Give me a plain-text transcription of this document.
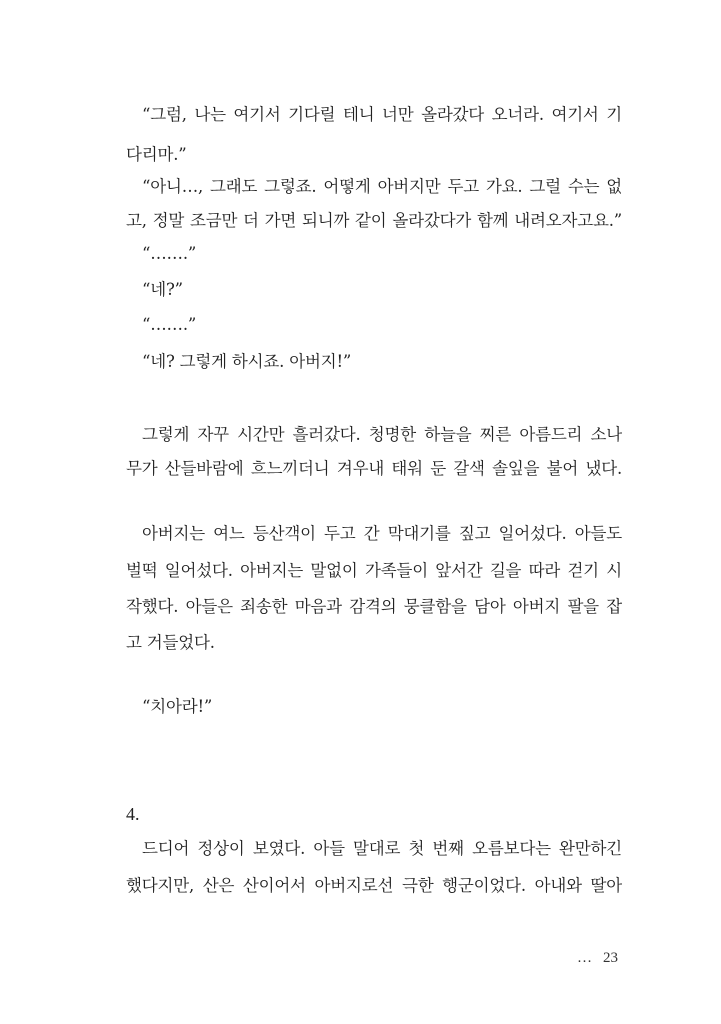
“그럼, 나는 여기서 기다릴 테니 너만 올라갔다 오너라. 여기서 기
다리마.”
“아니…, 그래도 그렇죠. 어떻게 아버지만 두고 가요. 그럴 수는 없
고, 정말 조금만 더 가면 되니까 같이 올라갔다가 함께 내려오자고요.”
“…….”
“네?”
“…….”
“네? 그렇게 하시죠. 아버지!”
그렇게 자꾸 시간만 흘러갔다. 청명한 하늘을 찌른 아름드리 소나
무가 산들바람에 흐느끼더니 겨우내 태워 둔 갈색 솔잎을 불어 냈다.
아버지는 여느 등산객이 두고 간 막대기를 짚고 일어섰다. 아들도
벌떡 일어섰다. 아버지는 말없이 가족들이 앞서간 길을 따라 걷기 시
작했다. 아들은 죄송한 마음과 감격의 뭉클함을 담아 아버지 팔을 잡
고 거들었다.
“치아라!”
4.
드디어 정상이 보였다. 아들 말대로 첫 번째 오름보다는 완만하긴
했다지만, 산은 산이어서 아버지로선 극한 행군이었다. 아내와 딸아
… 23
